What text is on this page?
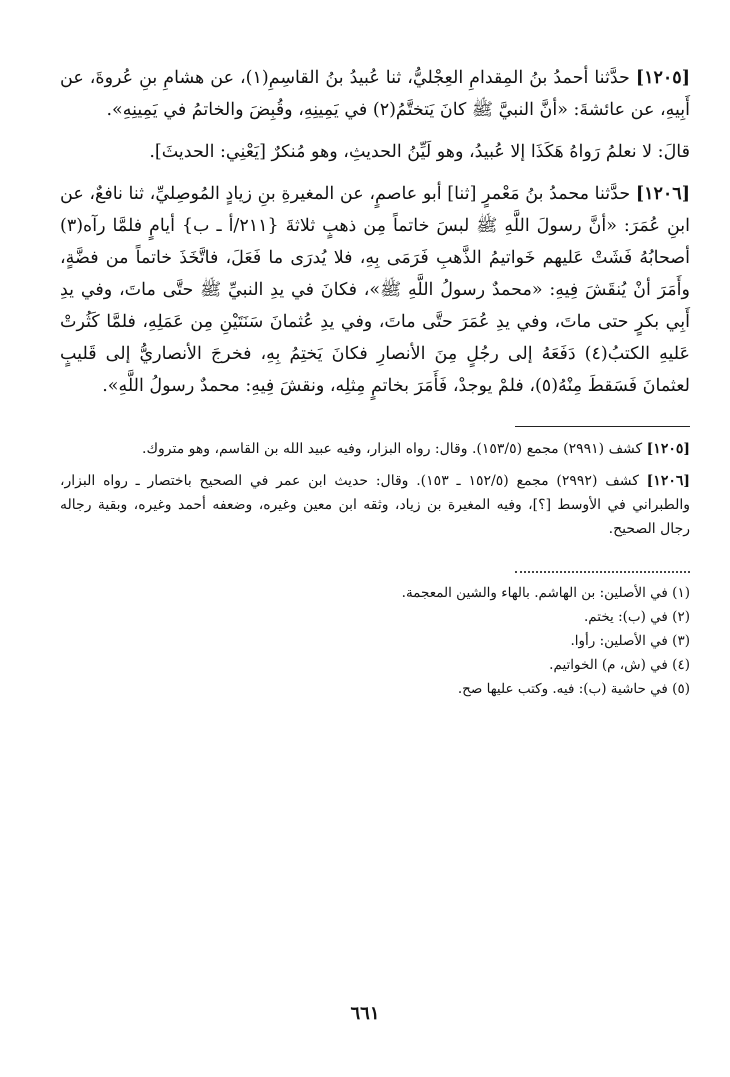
[١٢٠٥] حدَّثنا أحمدُ بنُ المِقدامِ العِجْليُّ، ثنا عُبيدُ بنُ القاسِمِ(١)، عن هشامِ بنِ عُروةَ، عن أَبِيهِ، عن عائشةَ: «أنَّ النبيَّ ﷺ كانَ يَتختَّمُ(٢) في يَمِينِهِ، وقُبِضَ والخاتمُ في يَمِينِهِ».

قالَ: لا نعلمُ رَواهُ هَكَذَا إلا عُبيدُ، وهو لَيِّنُ الحديثِ، وهو مُنكرٌ [يَعْنِي: الحديثَ].

[١٢٠٦] حدَّثنا محمدُ بنُ مَعْمرٍ [ثنا] أبو عاصمٍ، عن المغيرةِ بنِ زيادٍ المُوصِليِّ، ثنا نافعٌ، عن ابنِ عُمَرَ: «أنَّ رسولَ اللَّهِ ﷺ لبسَ خاتماً مِن ذهبٍ ثلاثةَ {٢١١/أ ـ ب} أيامٍ فلمَّا رآه(٣) أصحابُهُ فَشَتْ عَليهم خَواتيمُ الذَّهبِ فَرَمَى بِهِ، فلا يُدرَى ما فَعَلَ، فاتَّخَذَ خاتماً من فضَّةٍ، وأَمَرَ أنْ يُنقَشَ فِيهِ: «محمدٌ رسولُ اللَّهِ ﷺ»، فكانَ في يدِ النبيِّ ﷺ حتَّى ماتَ، وفي يدِ أَبِي بكرٍ حتى ماتَ، وفي يدِ عُمَرَ حتَّى ماتَ، وفي يدِ عُثمانَ سَنَتَيْنِ مِن عَمَلِهِ، فلمَّا كَثُرتْ عَليهِ الكتبُ(٤) دَفَعَهُ إلى رجُلٍ مِنَ الأنصارِ فكانَ يَختِمُ بِهِ، فخرجَ الأنصاريُّ إلى قَليبٍ لعثمانَ فَسَقطَ مِنْهُ(٥)، فلمْ يوجدْ، فَأَمَرَ بخاتمٍ مِثلِه، ونقشَ فِيهِ: محمدٌ رسولُ اللَّهِ».

[١٢٠٥] كشف (٢٩٩١) مجمع (١٥٣/٥). وقال: رواه البزار، وفيه عبيد الله بن القاسم، وهو متروك.

[١٢٠٦] كشف (٢٩٩٢) مجمع (١٥٢/٥ ـ ١٥٣). وقال: حديث ابن عمر في الصحيح باختصار ـ رواه البزار، والطبراني في الأوسط [؟]، وفيه المغيرة بن زياد، وثقه ابن معين وغيره، وضعفه أحمد وغيره، وبقية رجاله رجال الصحيح.

(١) في الأصلين: بن الهاشم. بالهاء والشين المعجمة.

(٢) في (ب): يختم.

(٣) في الأصلين: رأوا.

(٤) في (ش، م) الخواتيم.

(٥) في حاشية (ب): فيه. وكتب عليها صح.

٦٦١
